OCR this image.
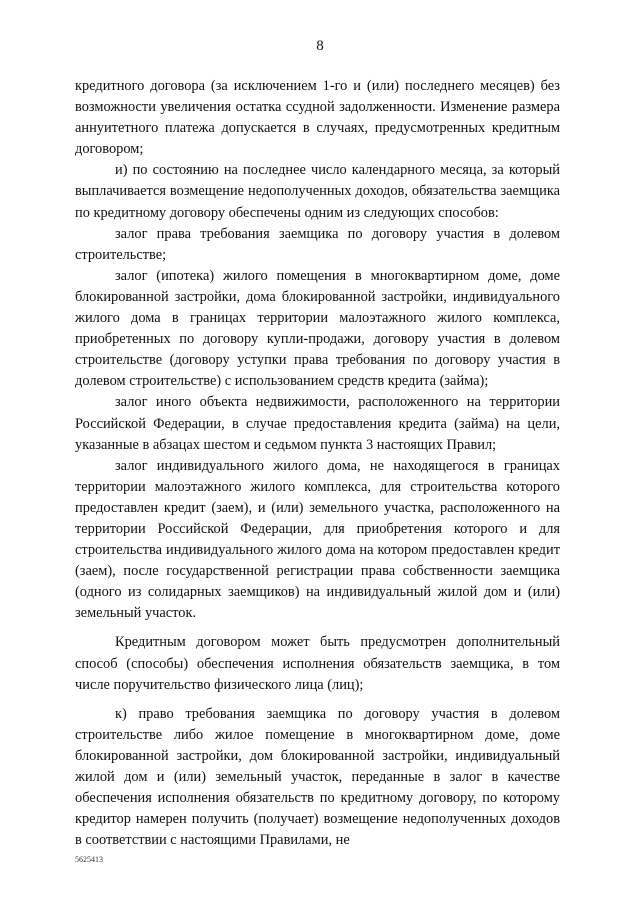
8

кредитного договора (за исключением 1-го и (или) последнего месяцев) без возможности увеличения остатка ссудной задолженности. Изменение размера аннуитетного платежа допускается в случаях, предусмотренных кредитным договором;

и) по состоянию на последнее число календарного месяца, за который выплачивается возмещение недополученных доходов, обязательства заемщика по кредитному договору обеспечены одним из следующих способов:

залог права требования заемщика по договору участия в долевом строительстве;

залог (ипотека) жилого помещения в многоквартирном доме, доме блокированной застройки, дома блокированной застройки, индивидуального жилого дома в границах территории малоэтажного жилого комплекса, приобретенных по договору купли-продажи, договору участия в долевом строительстве (договору уступки права требования по договору участия в долевом строительстве) с использованием средств кредита (займа);

залог иного объекта недвижимости, расположенного на территории Российской Федерации, в случае предоставления кредита (займа) на цели, указанные в абзацах шестом и седьмом пункта 3 настоящих Правил;

залог индивидуального жилого дома, не находящегося в границах территории малоэтажного жилого комплекса, для строительства которого предоставлен кредит (заем), и (или) земельного участка, расположенного на территории Российской Федерации, для приобретения которого и для строительства индивидуального жилого дома на котором предоставлен кредит (заем), после государственной регистрации права собственности заемщика (одного из солидарных заемщиков) на индивидуальный жилой дом и (или) земельный участок.

Кредитным договором может быть предусмотрен дополнительный способ (способы) обеспечения исполнения обязательств заемщика, в том числе поручительство физического лица (лиц);

к) право требования заемщика по договору участия в долевом строительстве либо жилое помещение в многоквартирном доме, доме блокированной застройки, дом блокированной застройки, индивидуальный жилой дом и (или) земельный участок, переданные в залог в качестве обеспечения исполнения обязательств по кредитному договору, по которому кредитор намерен получить (получает) возмещение недополученных доходов в соответствии с настоящими Правилами, не

5625413
